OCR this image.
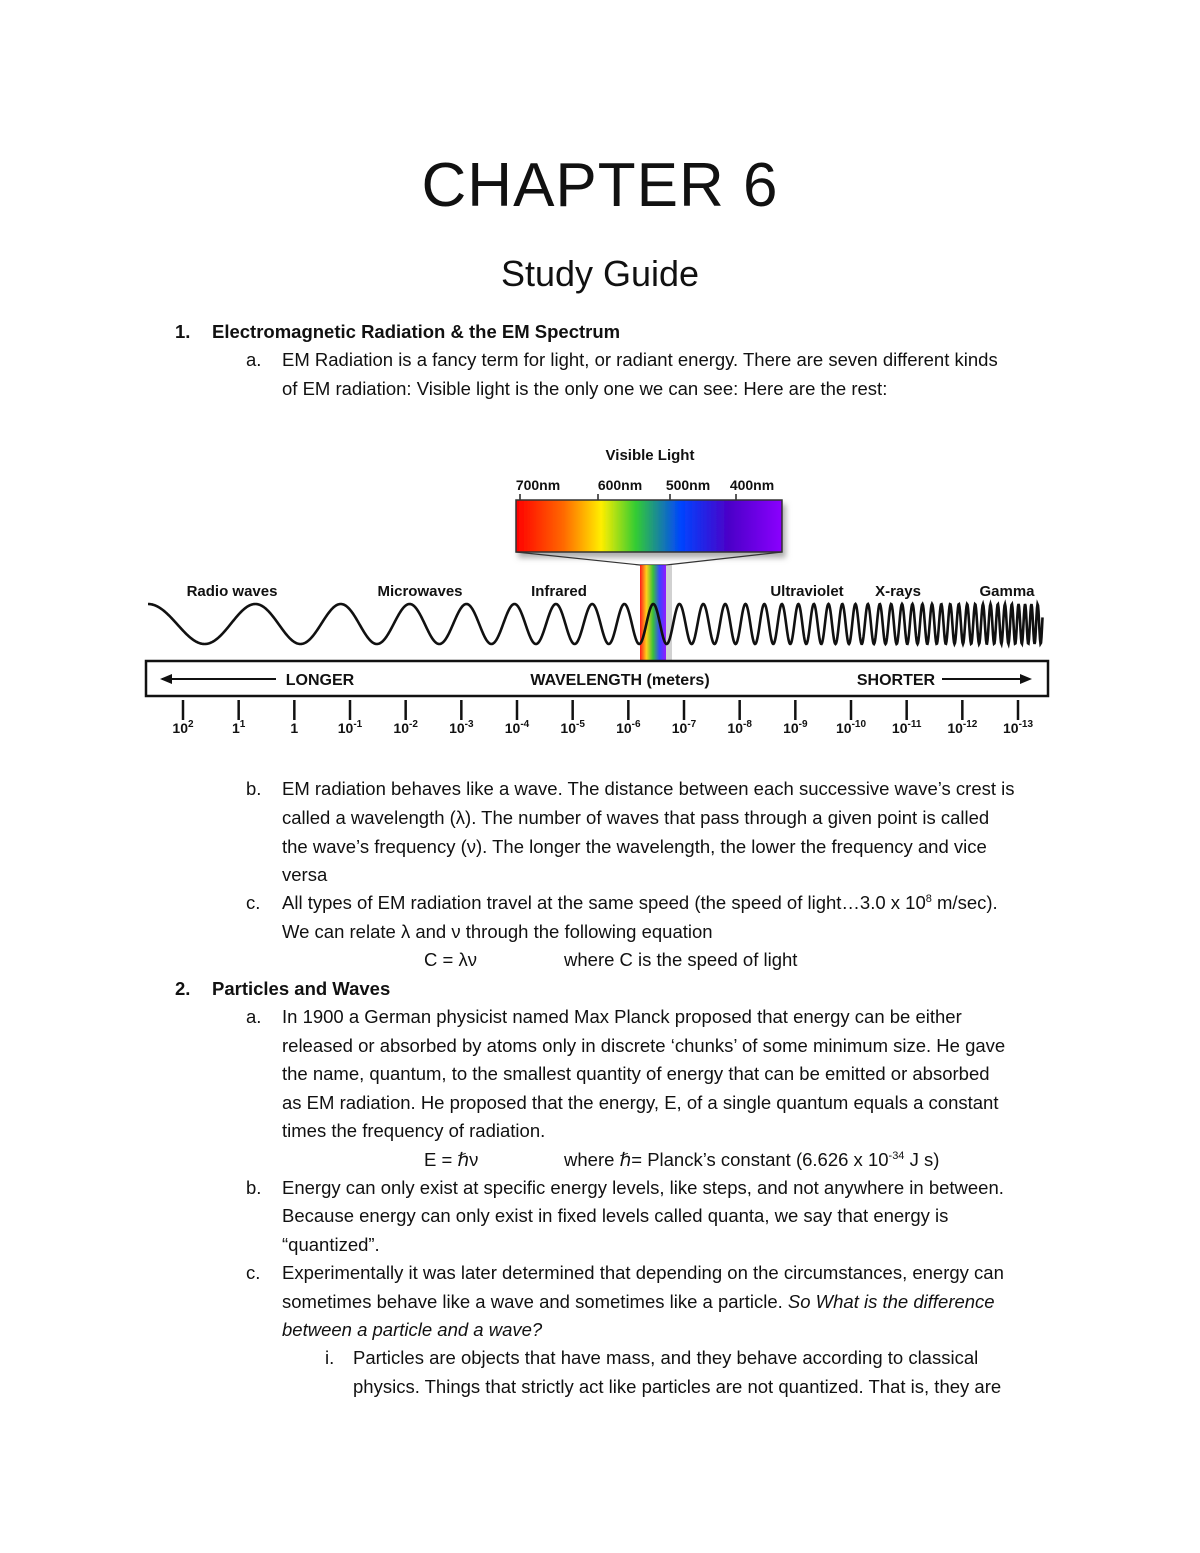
CHAPTER 6
Study Guide
1. Electromagnetic Radiation & the EM Spectrum
a. EM Radiation is a fancy term for light, or radiant energy. There are seven different kinds
of EM radiation: Visible light is the only one we can see: Here are the rest:
Visible Light
700nm	600nm 500nm 400nm
Radio waves	Microwaves	Infrared	Ultraviolet X-rays	Gamma
LONGER	WAVELENGTH (meters)	SHORTER
$10^2$	$1^1$	1	$10^{-1}$ $10^{-2}$ $10^{-3}$ $10^{-4}$ $10^{-5}$ $10^{-6}$ $10^{-7}$ $10^{-8}$ $10^{-9}$ $10^{-10}$ $10^{-11}$ $10^{-12}$ $10^{-13}$
b. EM radiation behaves like a wave. The distance between each successive wave’s crest is
called a wavelength (λ). The number of waves that pass through a given point is called
the wave’s frequency (ν). The longer the wavelength, the lower the frequency and vice
versa
c. All types of EM radiation travel at the same speed (the speed of light…3.0 x $10^8$ m/sec).
We can relate λ and ν through the following equation
C = λν	where C is the speed of light
2. Particles and Waves
a. In 1900 a German physicist named Max Planck proposed that energy can be either
released or absorbed by atoms only in discrete ‘chunks’ of some minimum size. He gave
the name, quantum, to the smallest quantity of energy that can be emitted or absorbed
as EM radiation. He proposed that the energy, E, of a single quantum equals a constant
times the frequency of radiation.
E = ℏν	where ℏ= Planck’s constant (6.626 x $10^{-34}$ J s)
b. Energy can only exist at specific energy levels, like steps, and not anywhere in between.
Because energy can only exist in fixed levels called quanta, we say that energy is
“quantized”.
c. Experimentally it was later determined that depending on the circumstances, energy can
sometimes behave like a wave and sometimes like a particle. So What is the difference
between a particle and a wave?
i. Particles are objects that have mass, and they behave according to classical
physics. Things that strictly act like particles are not quantized. That is, they are
